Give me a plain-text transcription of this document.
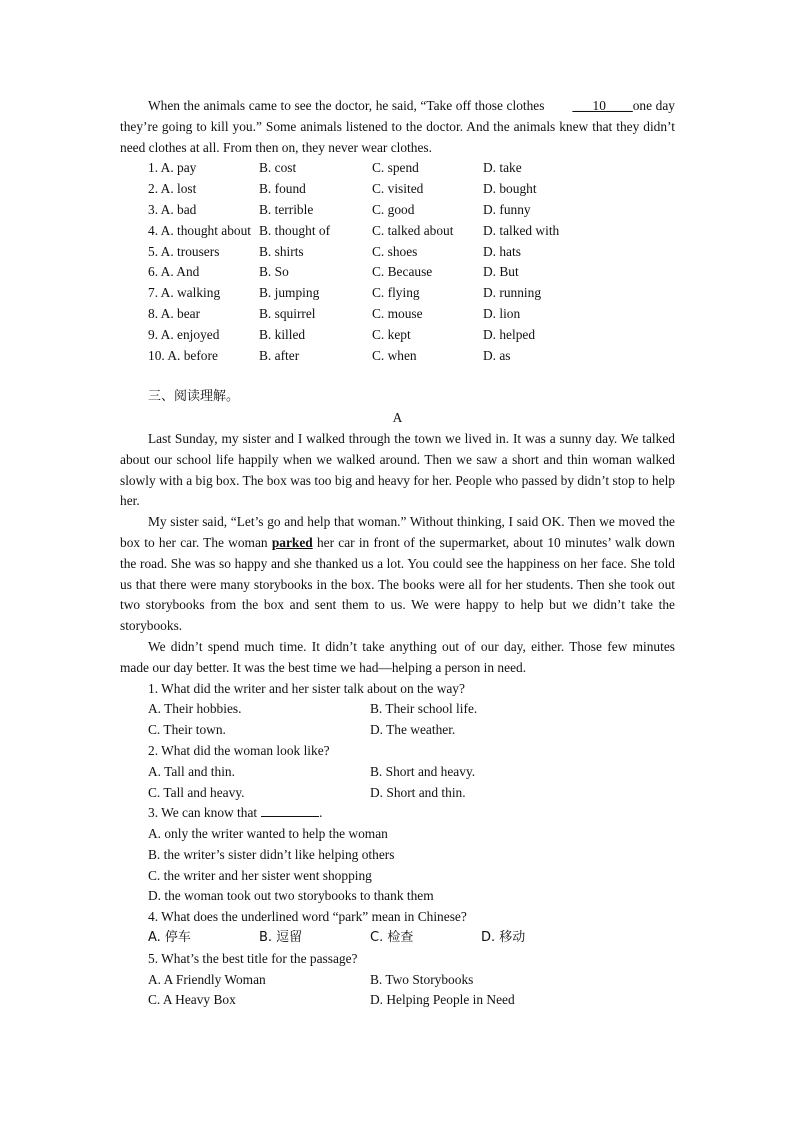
When the animals came to see the doctor, he said, “Take off those clothes ___10____one day they’re going to kill you.” Some animals listened to the doctor. And the animals knew that they didn’t need clothes at all. From then on, they never wear clothes.

1. A. pay	B. cost	C. spend	D. take
2. A. lost	B. found	C. visited	D. bought
3. A. bad	B. terrible	C. good	D. funny
4. A. thought about	B. thought of	C. talked about	D. talked with
5. A. trousers	B. shirts	C. shoes	D. hats
6. A. And	B. So	C. Because	D. But
7. A. walking	B. jumping	C. flying	D. running
8. A. bear	B. squirrel	C. mouse	D. lion
9. A. enjoyed	B. killed	C. kept	D. helped
10. A. before	B. after	C. when	D. as
三、阅读理解。
A

Last Sunday, my sister and I walked through the town we lived in. It was a sunny day. We talked about our school life happily when we walked around. Then we saw a short and thin woman walked slowly with a big box. The box was too big and heavy for her. People who passed by didn’t stop to help her.

My sister said, “Let’s go and help that woman.” Without thinking, I said OK. Then we moved the box to her car. The woman parked her car in front of the supermarket, about 10 minutes’ walk down the road. She was so happy and she thanked us a lot. You could see the happiness on her face. She told us that there were many storybooks in the box. The books were all for her students. Then she took out two storybooks from the box and sent them to us. We were happy to help but we didn’t take the storybooks.

We didn’t spend much time. It didn’t take anything out of our day, either. Those few minutes made our day better. It was the best time we had—helping a person in need.

1. What did the writer and her sister talk about on the way?
A. Their hobbies.	B. Their school life.
C. Their town.	D. The weather.
2. What did the woman look like?
A. Tall and thin.	B. Short and heavy.
C. Tall and heavy.	D. Short and thin.
3. We can know that	.
A. only the writer wanted to help the woman
B. the writer’s sister didn’t like helping others
C. the writer and her sister went shopping
D. the woman took out two storybooks to thank them
4. What does the underlined word “park” mean in Chinese?
A. 停车	B. 逗留	C. 检查	D. 移动
5. What’s the best title for the passage?
A. A Friendly Woman	B. Two Storybooks
C. A Heavy Box	D. Helping People in Need
